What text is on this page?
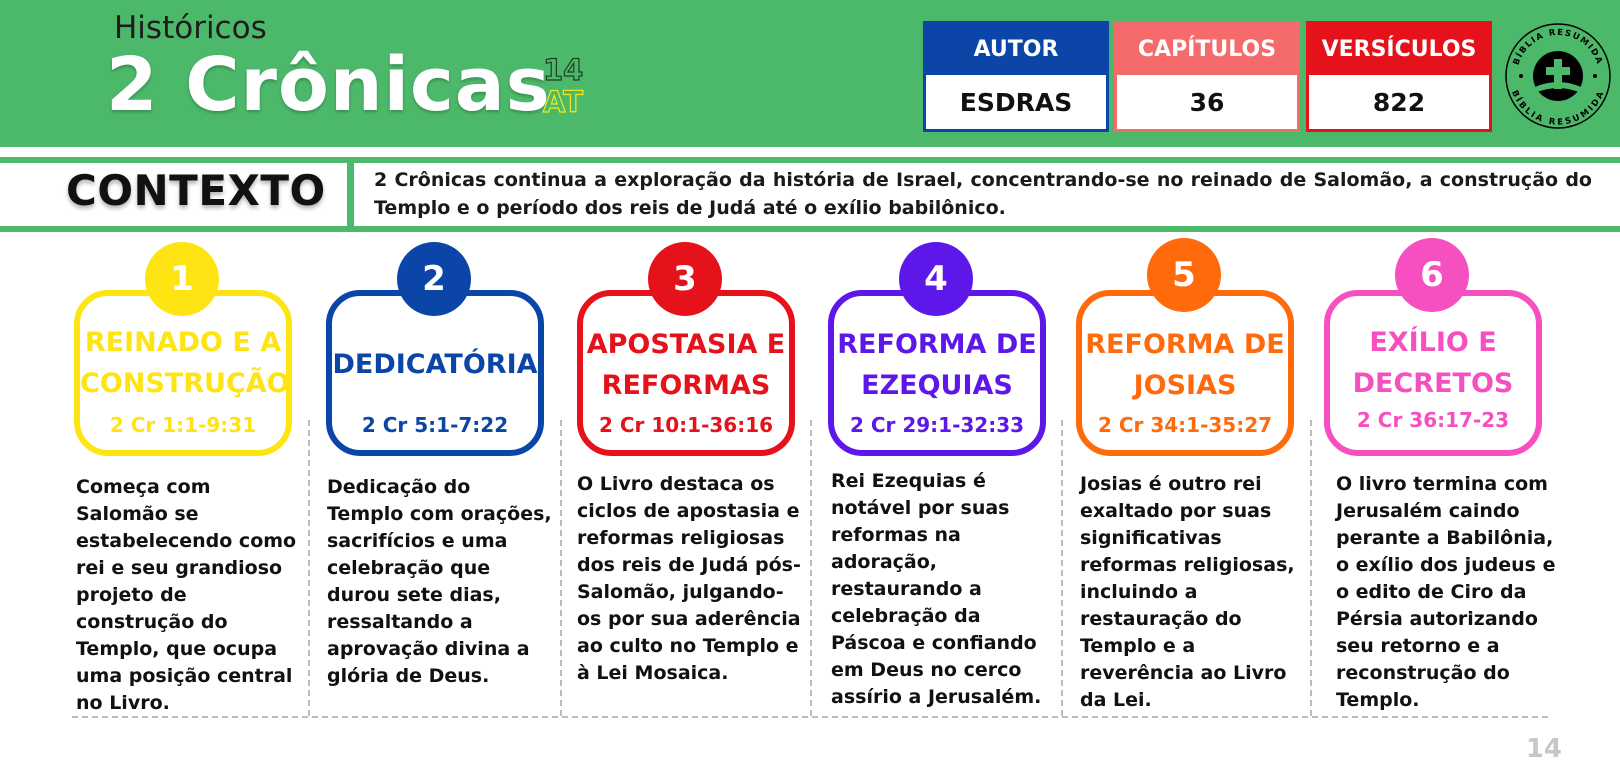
Históricos
2 Crônicas
14
AT
AUTOR
ESDRAS
CAPÍTULOS
36
VERSÍCULOS
822
BÍBLIA RESUMIDA
BÍBLIA RESUMIDA
CONTEXTO	2 Crônicas continua a exploração da história de Israel, concentrando-se no reinado de Salomão, a construção do Templo e o período dos reis de Judá até o exílio babilônico.
REINADO E A CONSTRUÇÃO
2 Cr 1:1-9:31
1
Começa com Salomão se estabelecendo como rei e seu grandioso projeto de construção do Templo, que ocupa uma posição central no Livro.
DEDICATÓRIA
2 Cr 5:1-7:22
2
Dedicação do Templo com orações, sacrifícios e uma celebração que durou sete dias, ressaltando a aprovação divina a glória de Deus.
APOSTASIA E REFORMAS
2 Cr 10:1-36:16
3
O Livro destaca os ciclos de apostasia e reformas religiosas dos reis de Judá pós-Salomão, julgando-os por sua aderência ao culto no Templo e à Lei Mosaica.
REFORMA DE EZEQUIAS
2 Cr 29:1-32:33
4
Rei Ezequias é notável por suas reformas na adoração, restaurando a celebração da Páscoa e confiando em Deus no cerco assírio a Jerusalém.
REFORMA DE JOSIAS
2 Cr 34:1-35:27
5
Josias é outro rei exaltado por suas significativas reformas religiosas, incluindo a restauração do Templo e a reverência ao Livro da Lei.
EXÍLIO E DECRETOS
2 Cr 36:17-23
6
O livro termina com Jerusalém caindo perante a Babilônia, o exílio dos judeus e o edito de Ciro da Pérsia autorizando seu retorno e a reconstrução do Templo.
14
